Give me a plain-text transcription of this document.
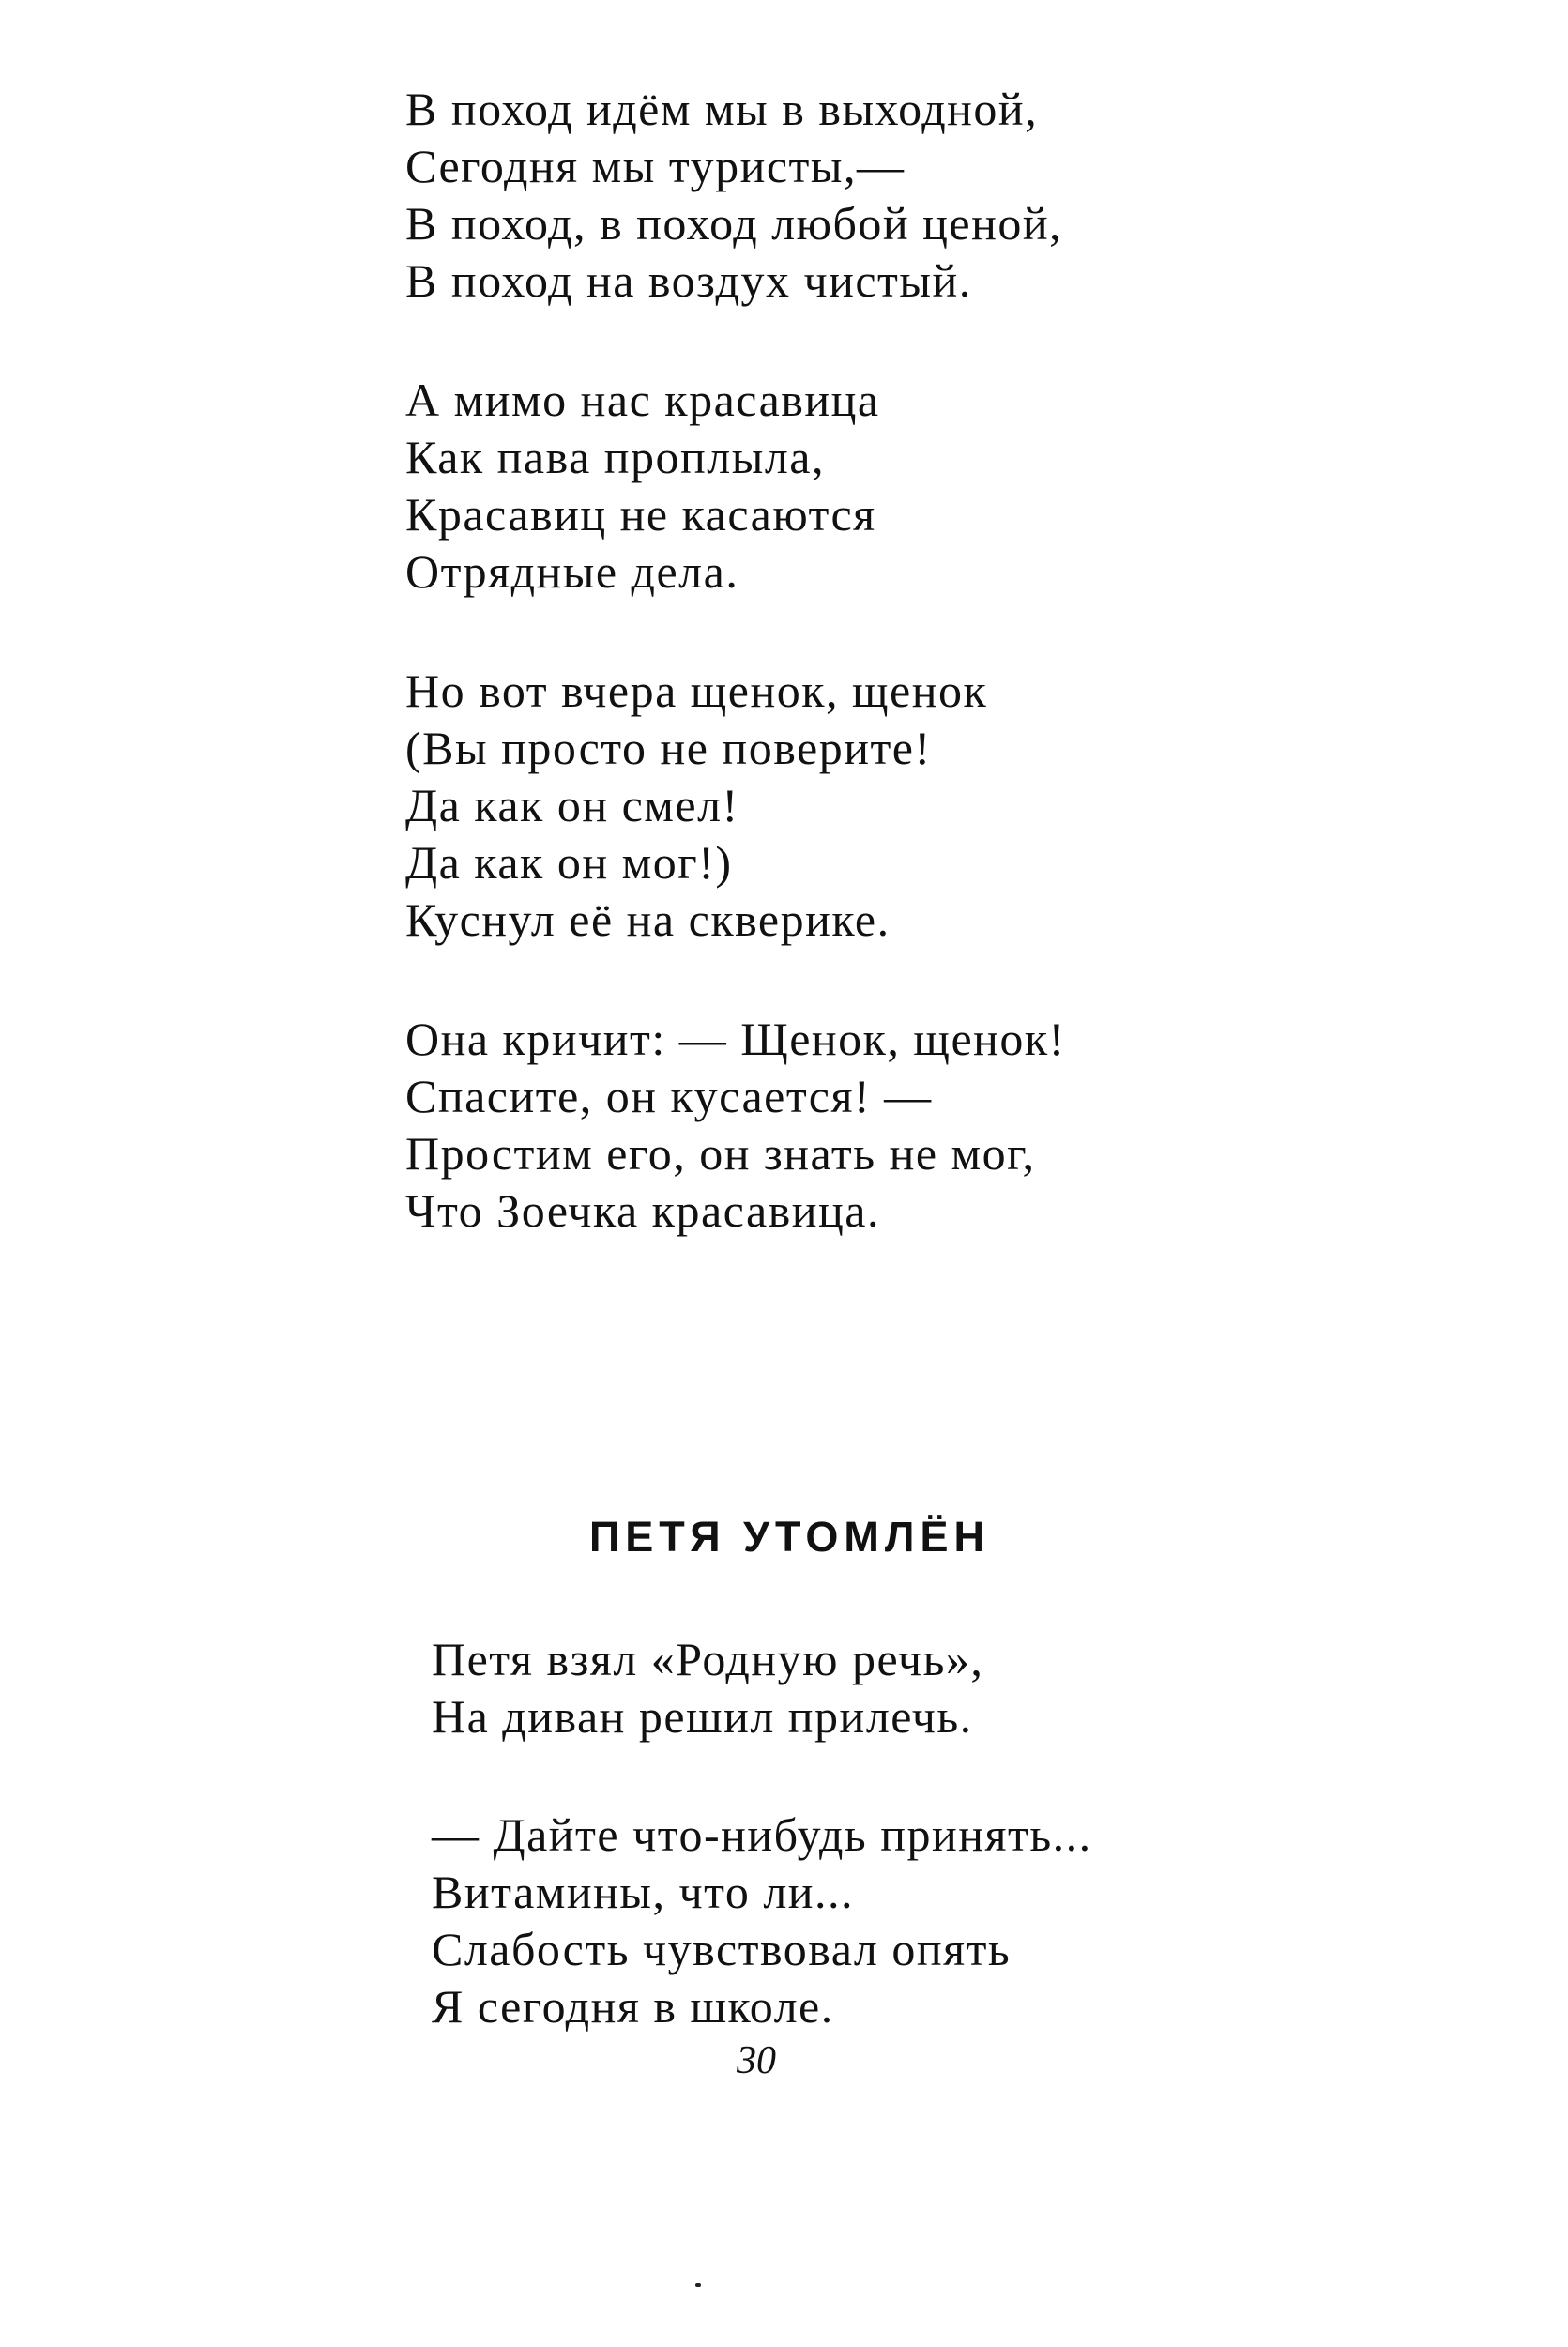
В поход идём мы в выходной,
Сегодня мы туристы,—
В поход, в поход любой ценой,
В поход на воздух чистый.
А мимо нас красавица
Как пава проплыла,
Красавиц не касаются
Отрядные дела.
Но вот вчера щенок, щенок
(Вы просто не поверите!
Да как он смел!
Да как он мог!)
Куснул её на скверике.
Она кричит: — Щенок, щенок!
Спасите, он кусается! —
Простим его, он знать не мог,
Что Зоечка красавица.
ПЕТЯ УТОМЛЁН
Петя взял «Родную речь»,
На диван решил прилечь.
— Дайте что-нибудь принять...
Витамины, что ли...
Слабость чувствовал опять
Я сегодня в школе.
30
